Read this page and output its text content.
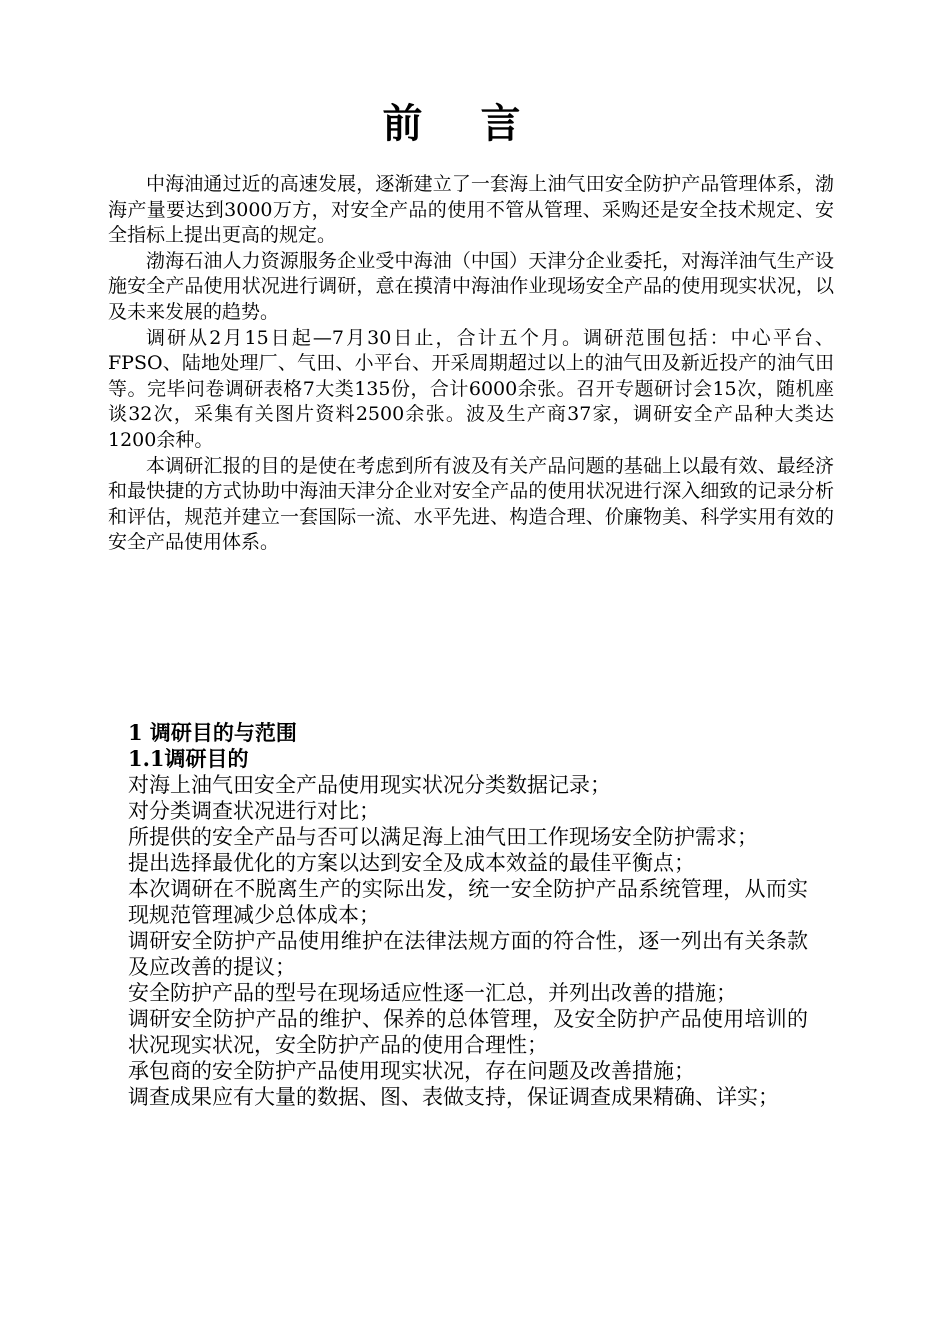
前 言

中海油通过近的高速发展，逐渐建立了一套海上油气田安全防护产品管理体系，渤海产量要达到3000万方，对安全产品的使用不管从管理、采购还是安全技术规定、安全指标上提出更高的规定。

渤海石油人力资源服务企业受中海油（中国）天津分企业委托，对海洋油气生产设施安全产品使用状况进行调研，意在摸清中海油作业现场安全产品的使用现实状况，以及未来发展的趋势。

调研从2月15日起—7月30日止，合计五个月。调研范围包括：中心平台、FPSO、陆地处理厂、气田、小平台、开采周期超过以上的油气田及新近投产的油气田等。完毕问卷调研表格7大类135份，合计6000余张。召开专题研讨会15次，随机座谈32次，采集有关图片资料2500余张。波及生产商37家，调研安全产品种大类达1200余种。

本调研汇报的目的是使在考虑到所有波及有关产品问题的基础上以最有效、最经济和最快捷的方式协助中海油天津分企业对安全产品的使用状况进行深入细致的记录分析和评估，规范并建立一套国际一流、水平先进、构造合理、价廉物美、科学实用有效的安全产品使用体系。

1 调研目的与范围
1.1调研目的
对海上油气田安全产品使用现实状况分类数据记录；
对分类调查状况进行对比；
所提供的安全产品与否可以满足海上油气田工作现场安全防护需求；
提出选择最优化的方案以达到安全及成本效益的最佳平衡点；
本次调研在不脱离生产的实际出发，统一安全防护产品系统管理，从而实现规范管理减少总体成本；
调研安全防护产品使用维护在法律法规方面的符合性，逐一列出有关条款及应改善的提议；
安全防护产品的型号在现场适应性逐一汇总，并列出改善的措施；
调研安全防护产品的维护、保养的总体管理，及安全防护产品使用培训的状况现实状况，安全防护产品的使用合理性；
承包商的安全防护产品使用现实状况，存在问题及改善措施；
调查成果应有大量的数据、图、表做支持，保证调查成果精确、详实；
